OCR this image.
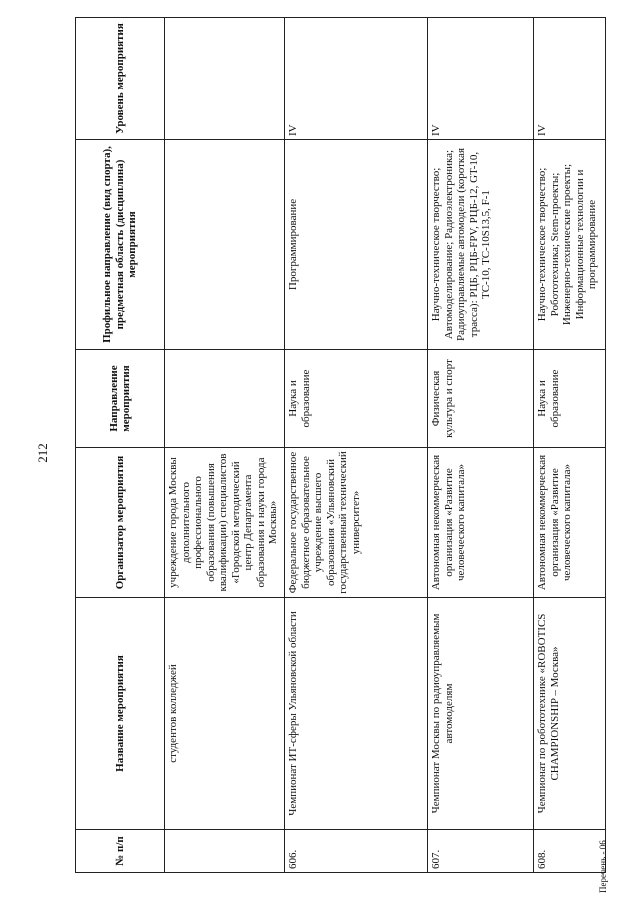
212
№ п/п	Название мероприятия	Организатор мероприятия	Направление мероприятия	Профильное направление (вид спорта), предметная область (дисциплина) мероприятия	Уровень мероприятия
	студентов колледжей	учреждение города Москвы дополнительного профессионального образования (повышения квалификации) специалистов «Городской методический центр Департамента образования и науки города Москвы»			
606.	Чемпионат ИТ-сферы Ульяновской области	Федеральное государственное бюджетное образовательное учреждение высшего образования «Ульяновский государственный технический университет»	Наука и образование	Программирование	IV
607.	Чемпионат Москвы по радиоуправляемым автомоделям	Автономная некоммерческая организация «Развитие человеческого капитала»	Физическая культура и спорт	Научно-техническое творчество; Автомоделирование; Радиоэлектроника; Радиоуправляемые автомодели (короткая трасса): РЦБ, РЦБ-FPV, РЦБ-12, GT-10, TC-10, TC-10S13,5, F-1	IV
608.	Чемпионат по робототехнике «ROBOTICS CHAMPIONSHIP – Москва»	Автономная некоммерческая организация «Развитие человеческого капитала»	Наука и образование	Научно-техническое творчество; Робототехника; Stem-проекты; Инженерно-технические проекты; Информационные технологии и программирование	IV
Перечень - 06
